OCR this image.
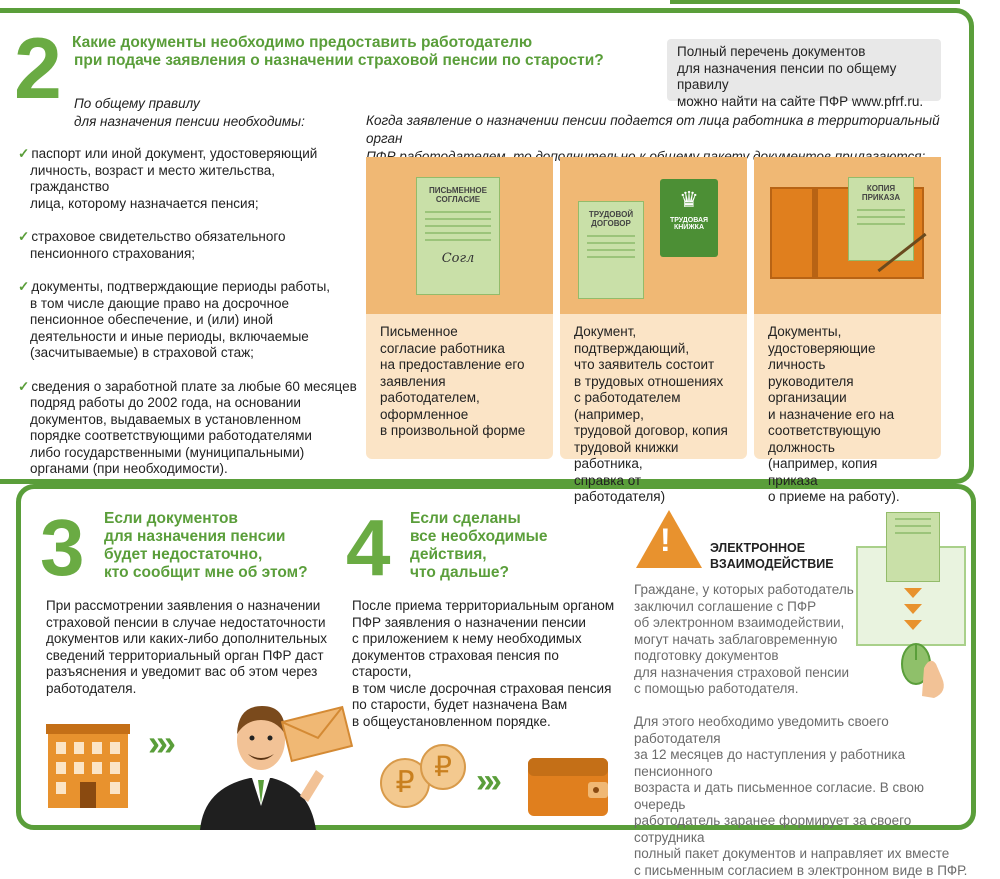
2 Какие документы необходимо предоставить работодателю
при подаче заявления о назначении страховой пенсии по старости?
Полный перечень документов
для назначения пенсии по общему правилу
можно найти на сайте ПФР www.pfrf.ru.
По общему правилу
для назначения пенсии необходимы:
✓ паспорт или иной документ, удостоверяющий
личность, возраст и место жительства, гражданство
лица, которому назначается пенсия;
✓ страховое свидетельство обязательного
пенсионного страхования;
✓ документы, подтверждающие периоды работы,
в том числе дающие право на досрочное
пенсионное обеспечение, и (или) иной
деятельности и иные периоды, включаемые
(засчитываемые) в страховой стаж;
✓ сведения о заработной плате за любые 60 месяцев
подряд работы до 2002 года, на основании
документов, выдаваемых в установленном
порядке соответствующими работодателями
либо государственными (муниципальными)
органами (при необходимости).
Когда заявление о назначении пенсии подается от лица работника в территориальный орган
ПИСЬМЕННОЕ СОГЛАСИЕ
Согл
Письменное
согласие работника
на предоставление его
заявления работодателем,
оформленное
в произвольной форме
ТРУДОВОЙ ДОГОВОР
♛
ТРУДОВАЯ КНИЖКА
Документ, подтверждающий,
что заявитель состоит
в трудовых отношениях
с работодателем (например,
трудовой договор, копия
трудовой книжки работника,
справка от работодателя)
КОПИЯ ПРИКАЗА
Документы,
удостоверяющие личность
руководителя организации
и назначение его на
соответствующую должность
(например, копия приказа
о приеме на работу).
3 Если документов
для назначения пенсии
будет недостаточно,
кто сообщит мне об этом?
При рассмотрении заявления о назначении
страховой пенсии в случае недостаточности
документов или каких-либо дополнительных
сведений территориальный орган ПФР даст
разъяснения и уведомит вас об этом через
работодателя.
›››
4 Если сделаны
все необходимые
действия,
что дальше?
После приема территориальным органом
ПФР заявления о назначении пенсии
с приложением к нему необходимых
документов страховая пенсия по старости,
в том числе досрочная страховая пенсия
по старости, будет назначена Вам
в общеустановленном порядке.
₽ ₽ ›››
!	ЭЛЕКТРОННОЕ
ВЗАИМОДЕЙСТВИЕ
Граждане, у которых работодатель
заключил соглашение с ПФР
об электронном взаимодействии,
могут начать заблаговременную
подготовку документов
для назначения страховой пенсии
с помощью работодателя.
Для этого необходимо уведомить своего работодателя
за 12 месяцев до наступления у работника пенсионного
возраста и дать письменное согласие. В свою очередь
работодатель заранее формирует за своего сотрудника
полный пакет документов и направляет их вместе
с письменным согласием в электронном виде в ПФР.
